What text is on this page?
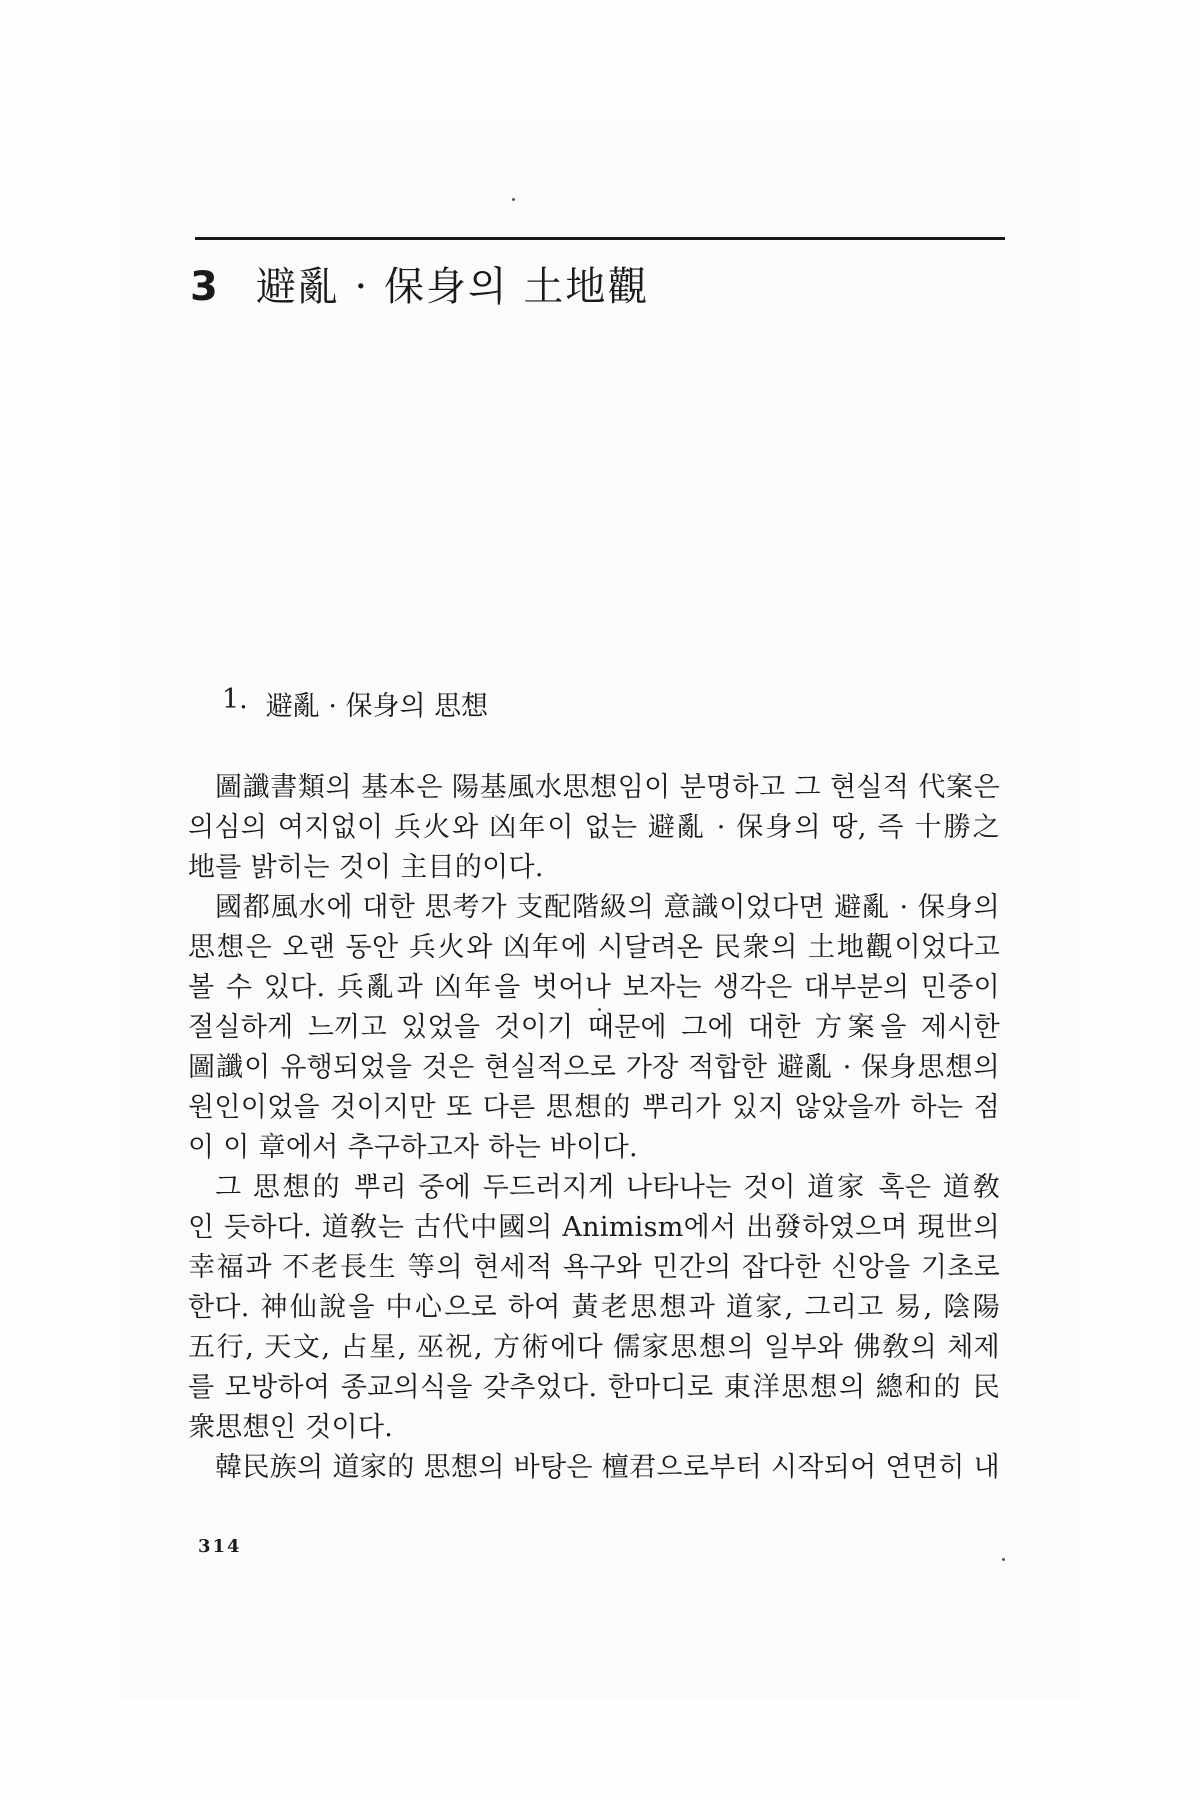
3 避亂 · 保身의 土地觀
1. 避亂 · 保身의 思想
圖讖書類의 基本은 陽基風水思想임이 분명하고 그 현실적 代案은
의심의 여지없이 兵火와 凶年이 없는 避亂 · 保身의 땅, 즉 十勝之
地를 밝히는 것이 主目的이다.
國都風水에 대한 思考가 支配階級의 意識이었다면 避亂 · 保身의
思想은 오랜 동안 兵火와 凶年에 시달려온 民衆의 土地觀이었다고
볼 수 있다. 兵亂과 凶年을 벗어나 보자는 생각은 대부분의 민중이
절실하게 느끼고 있었을 것이기 때문에 그에 대한 方案을 제시한
圖讖이 유행되었을 것은 현실적으로 가장 적합한 避亂 · 保身思想의
원인이었을 것이지만 또 다른 思想的 뿌리가 있지 않았을까 하는 점
이 이 章에서 추구하고자 하는 바이다.
그 思想的 뿌리 중에 두드러지게 나타나는 것이 道家 혹은 道敎
인 듯하다. 道敎는 古代中國의 Animism에서 出發하였으며 現世의
幸福과 不老長生 等의 현세적 욕구와 민간의 잡다한 신앙을 기초로
한다. 神仙說을 中心으로 하여 黃老思想과 道家, 그리고 易, 陰陽
五行, 天文, 占星, 巫祝, 方術에다 儒家思想의 일부와 佛敎의 체제
를 모방하여 종교의식을 갖추었다. 한마디로 東洋思想의 總和的 民
衆思想인 것이다.
韓民族의 道家的 思想의 바탕은 檀君으로부터 시작되어 연면히 내
314
